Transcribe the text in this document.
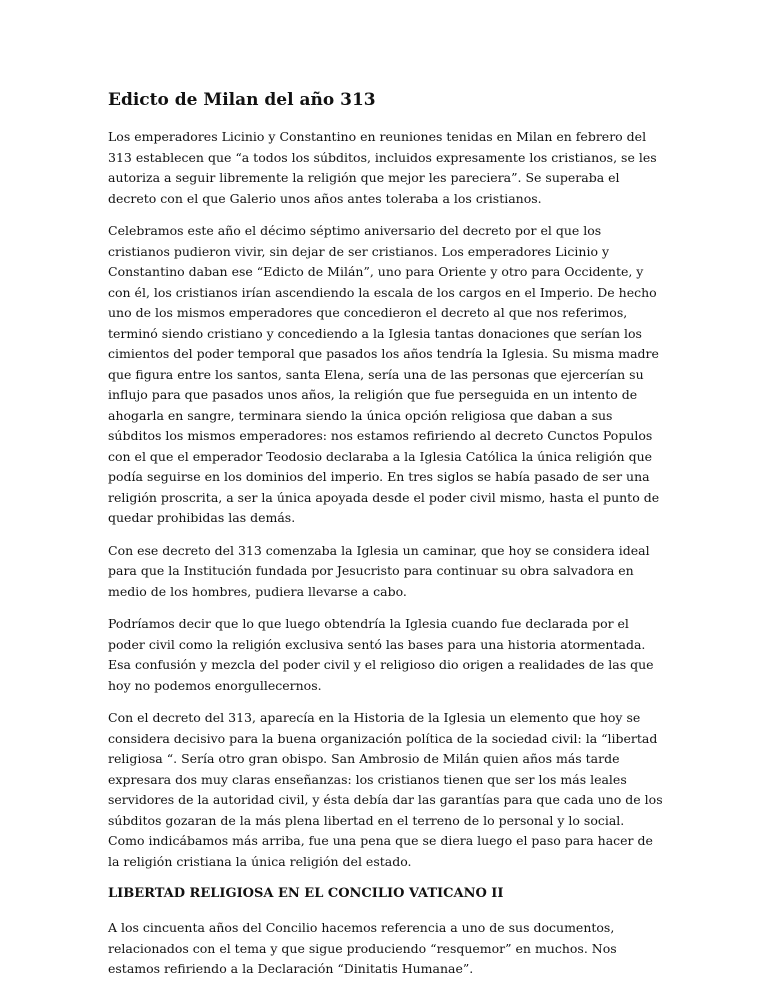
Edicto de Milan del año 313

Los emperadores Licinio y Constantino en reuniones tenidas en Milan en febrero del 313 establecen que “a todos los súbditos, incluidos expresamente los cristianos, se les autoriza a seguir libremente la religión que mejor les pareciera”. Se superaba el decreto con el que Galerio unos años antes toleraba a los cristianos.

Celebramos este año el décimo séptimo aniversario del decreto por el que los cristianos pudieron vivir, sin dejar de ser cristianos. Los emperadores Licinio y Constantino daban ese “Edicto de Milán”, uno para Oriente y otro para Occidente, y con él, los cristianos irían ascendiendo la escala de los cargos en el Imperio. De hecho uno de los mismos emperadores que concedieron el decreto al que nos referimos, terminó siendo cristiano y concediendo a la Iglesia tantas donaciones que serían los cimientos del poder temporal que pasados los años tendría la Iglesia. Su misma madre que figura entre los santos, santa Elena, sería una de las personas que ejercerían su influjo para que pasados unos años, la religión que fue perseguida en un intento de ahogarla en sangre, terminara siendo la única opción religiosa que daban a sus súbditos los mismos emperadores: nos estamos refiriendo al decreto Cunctos Populos con el que el emperador Teodosio declaraba a la Iglesia Católica la única religión que podía seguirse en los dominios del imperio. En tres siglos se había pasado de ser una religión proscrita, a ser la única apoyada desde el poder civil mismo, hasta el punto de quedar prohibidas las demás.

Con ese decreto del 313 comenzaba la Iglesia un caminar, que hoy se considera ideal para que la Institución fundada por Jesucristo para continuar su obra salvadora en medio de los hombres, pudiera llevarse a cabo.

Podríamos decir que lo que luego obtendría la Iglesia cuando fue declarada por el poder civil como la religión exclusiva sentó las bases para una historia atormentada. Esa confusión y mezcla del poder civil y el religioso dio origen a realidades de las que hoy no podemos enorgullecernos.

Con el decreto del 313, aparecía en la Historia de la Iglesia un elemento que hoy se considera decisivo para la buena organización política de la sociedad civil: la “libertad religiosa “. Sería otro gran obispo. San Ambrosio de Milán quien años más tarde expresara dos muy claras enseñanzas: los cristianos tienen que ser los más leales servidores de la autoridad civil, y ésta debía dar las garantías para que cada uno de los súbditos gozaran de la más plena libertad en el terreno de lo personal y lo social. Como indicábamos más arriba, fue una pena que se diera luego el paso para hacer de la religión cristiana la única religión del estado.

LIBERTAD RELIGIOSA EN EL CONCILIO VATICANO II

A los cincuenta años del Concilio hacemos referencia a uno de sus documentos, relacionados con el tema y que sigue produciendo “resquemor” en muchos. Nos estamos refiriendo a la Declaración “Dinitatis Humanae”.
